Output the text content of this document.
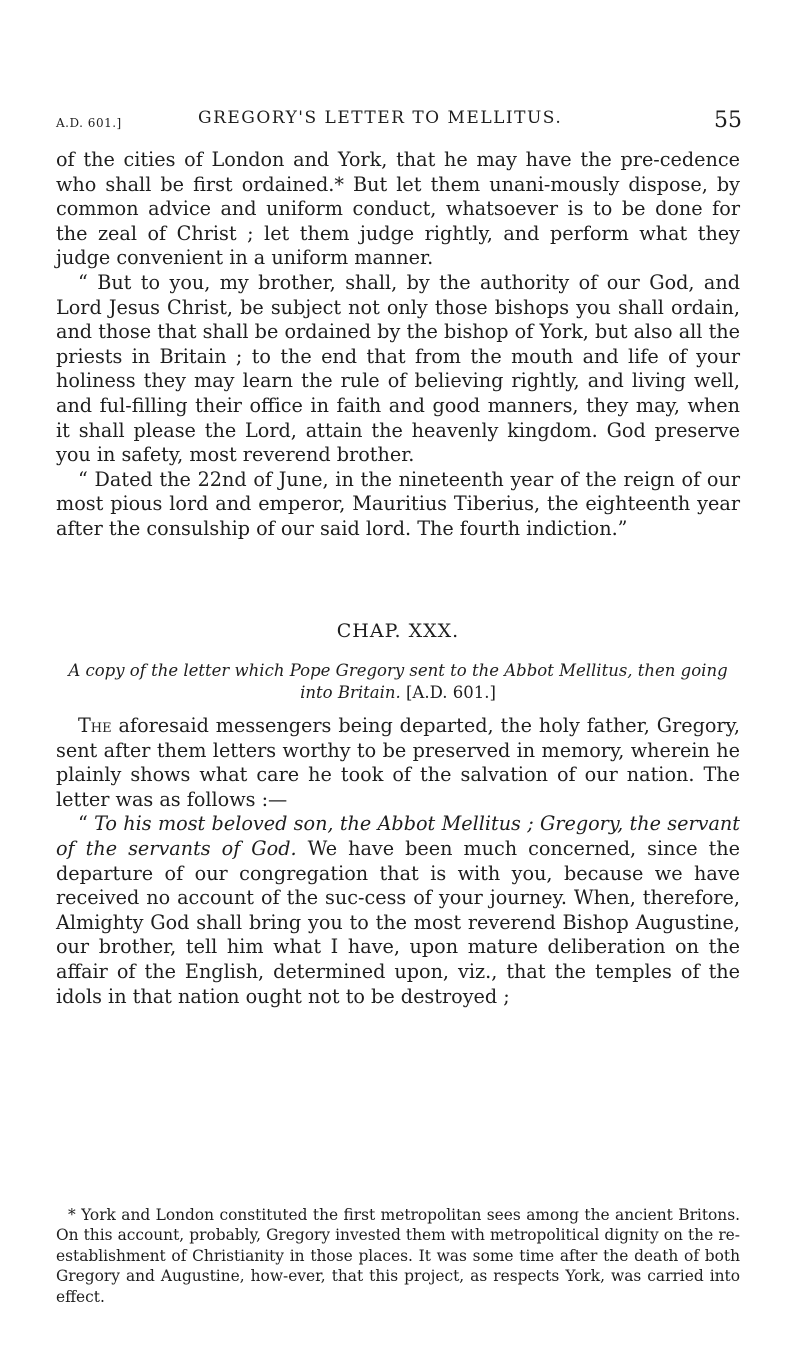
A.D. 601.]	GREGORY'S LETTER TO MELLITUS.	55

of the cities of London and York, that he may have the pre-cedence who shall be first ordained.* But let them unani-mously dispose, by common advice and uniform conduct, whatsoever is to be done for the zeal of Christ ; let them judge rightly, and perform what they judge convenient in a uniform manner.

“ But to you, my brother, shall, by the authority of our God, and Lord Jesus Christ, be subject not only those bishops you shall ordain, and those that shall be ordained by the bishop of York, but also all the priests in Britain ; to the end that from the mouth and life of your holiness they may learn the rule of believing rightly, and living well, and ful-filling their office in faith and good manners, they may, when it shall please the Lord, attain the heavenly kingdom. God preserve you in safety, most reverend brother.

“ Dated the 22nd of June, in the nineteenth year of the reign of our most pious lord and emperor, Mauritius Tiberius, the eighteenth year after the consulship of our said lord. The fourth indiction.”

CHAP. XXX.
A copy of the letter which Pope Gregory sent to the Abbot Mellitus, then going into Britain. [A.D. 601.]

The aforesaid messengers being departed, the holy father, Gregory, sent after them letters worthy to be preserved in memory, wherein he plainly shows what care he took of the salvation of our nation. The letter was as follows :—

“ To his most beloved son, the Abbot Mellitus ; Gregory, the servant of the servants of God. We have been much concerned, since the departure of our congregation that is with you, because we have received no account of the suc-cess of your journey. When, therefore, Almighty God shall bring you to the most reverend Bishop Augustine, our brother, tell him what I have, upon mature deliberation on the affair of the English, determined upon, viz., that the temples of the idols in that nation ought not to be destroyed ;

* York and London constituted the first metropolitan sees among the ancient Britons. On this account, probably, Gregory invested them with metropolitical dignity on the re-establishment of Christianity in those places. It was some time after the death of both Gregory and Augustine, how-ever, that this project, as respects York, was carried into effect.
